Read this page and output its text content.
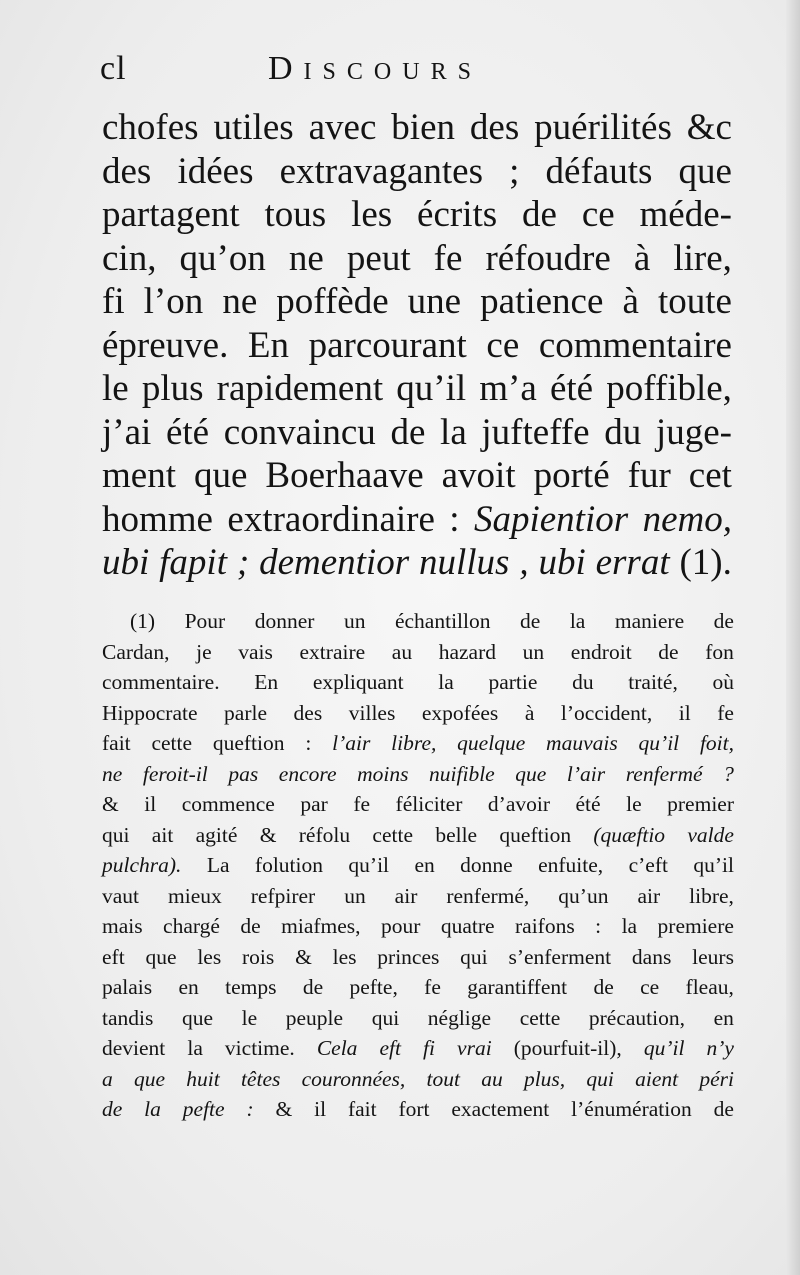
cl	Discours
chofes utiles avec bien des puérilités &c
des idées extravagantes ; défauts que
partagent tous les écrits de ce méde-
cin, qu’on ne peut fe réfoudre à lire,
fi l’on ne poffède une patience à toute
épreuve. En parcourant ce commentaire
le plus rapidement qu’il m’a été poffible,
j’ai été convaincu de la jufteffe du juge-
ment que Boerhaave avoit porté fur cet
homme extraordinaire : Sapientior nemo,
ubi fapit ; dementior nullus , ubi errat (1).
(1) Pour donner un échantillon de la maniere de
Cardan, je vais extraire au hazard un endroit de fon
commentaire. En expliquant la partie du traité, où
Hippocrate parle des villes expofées à l’occident, il fe
fait cette queftion : l’air libre, quelque mauvais qu’il foit,
ne feroit-il pas encore moins nuifible que l’air renfermé ?
& il commence par fe féliciter d’avoir été le premier
qui ait agité & réfolu cette belle queftion (quæftio valde
pulchra). La folution qu’il en donne enfuite, c’eft qu’il
vaut mieux refpirer un air renfermé, qu’un air libre,
mais chargé de miafmes, pour quatre raifons : la premiere
eft que les rois & les princes qui s’enferment dans leurs
palais en temps de pefte, fe garantiffent de ce fleau,
tandis que le peuple qui néglige cette précaution, en
devient la victime. Cela eft fi vrai (pourfuit-il), qu’il n’y
a que huit têtes couronnées, tout au plus, qui aient péri
de la pefte : & il fait fort exactement l’énumération de
